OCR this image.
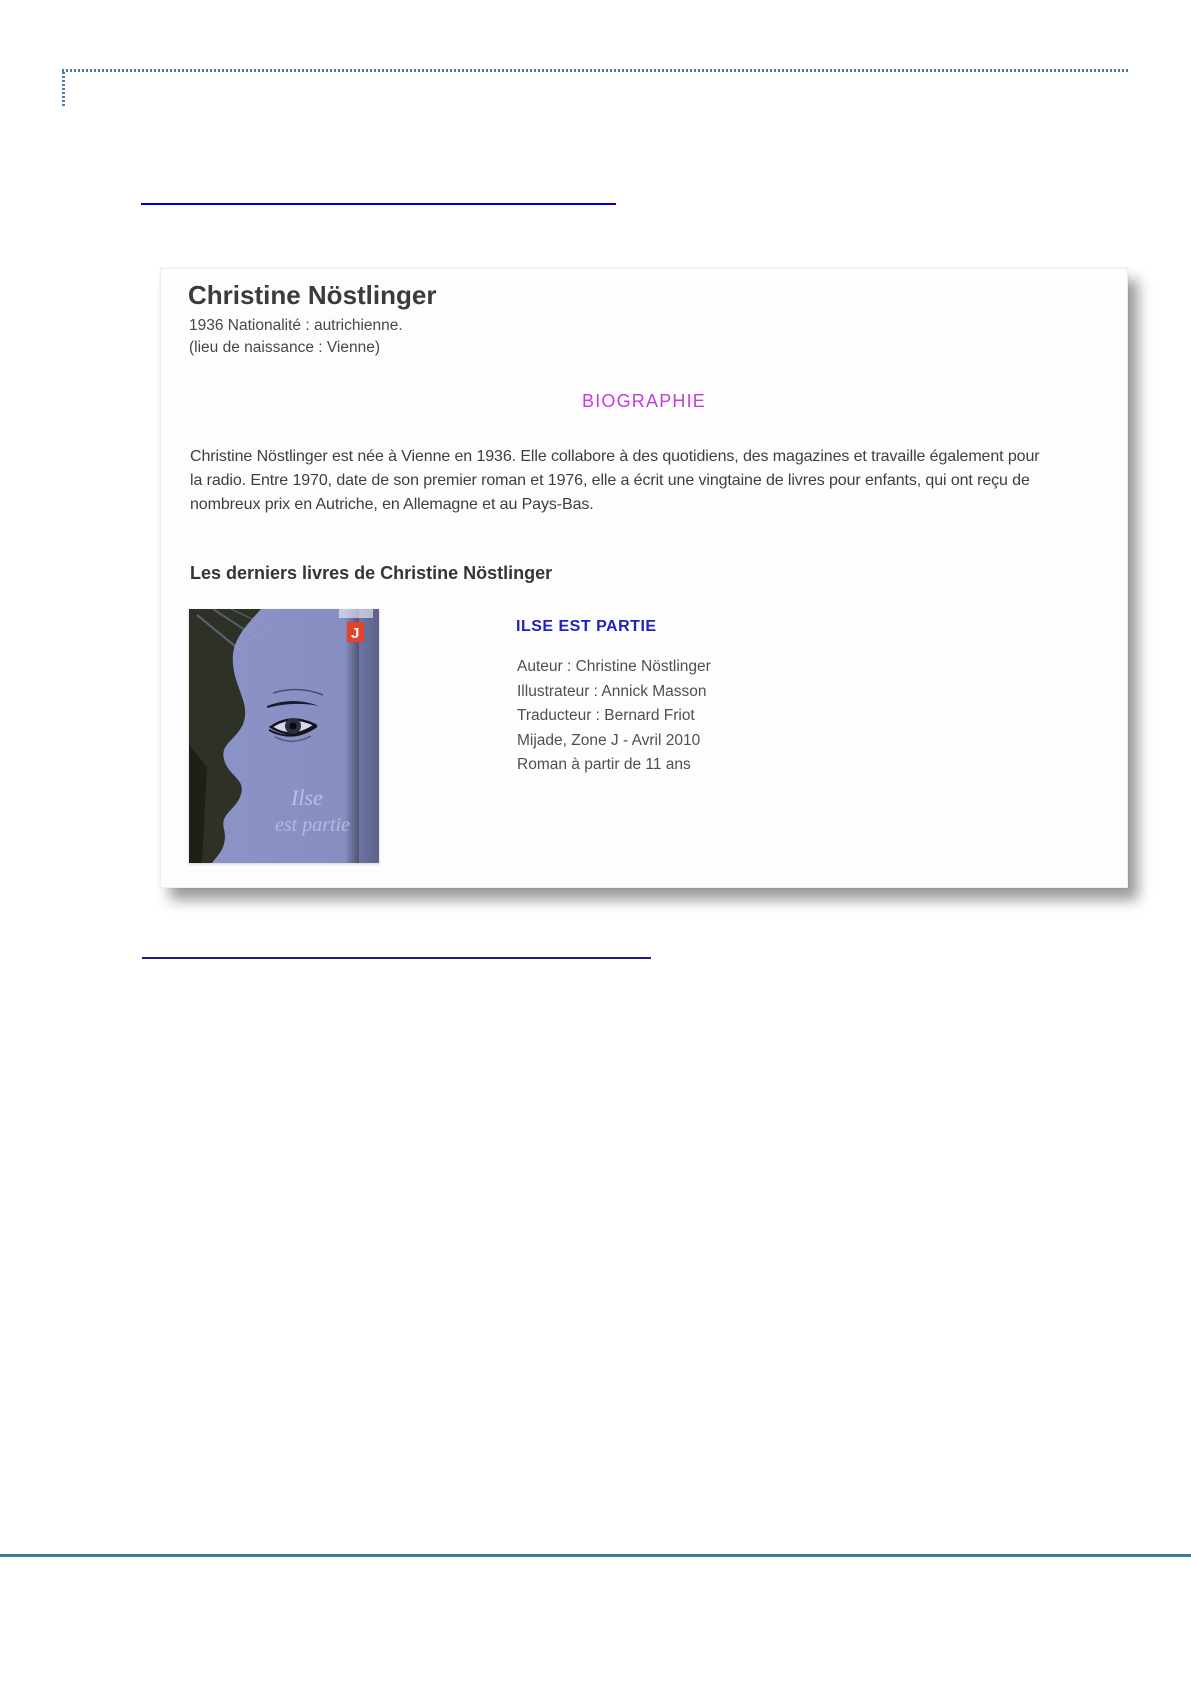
Christine Nöstlinger
1936 Nationalité : autrichienne.
(lieu de naissance : Vienne)
BIOGRAPHIE
Christine Nöstlinger est née à Vienne en 1936. Elle collabore à des quotidiens, des magazines et travaille également pour la radio. Entre 1970, date de son premier roman et 1976, elle a écrit une vingtaine de livres pour enfants, qui ont reçu de nombreux prix en Autriche, en Allemagne et au Pays-Bas.
Les derniers livres de Christine Nöstlinger
Ilse
est partie
J	ILSE EST PARTIE
Auteur : Christine Nöstlinger
Illustrateur : Annick Masson
Traducteur : Bernard Friot
Mijade, Zone J - Avril 2010
Roman à partir de 11 ans
